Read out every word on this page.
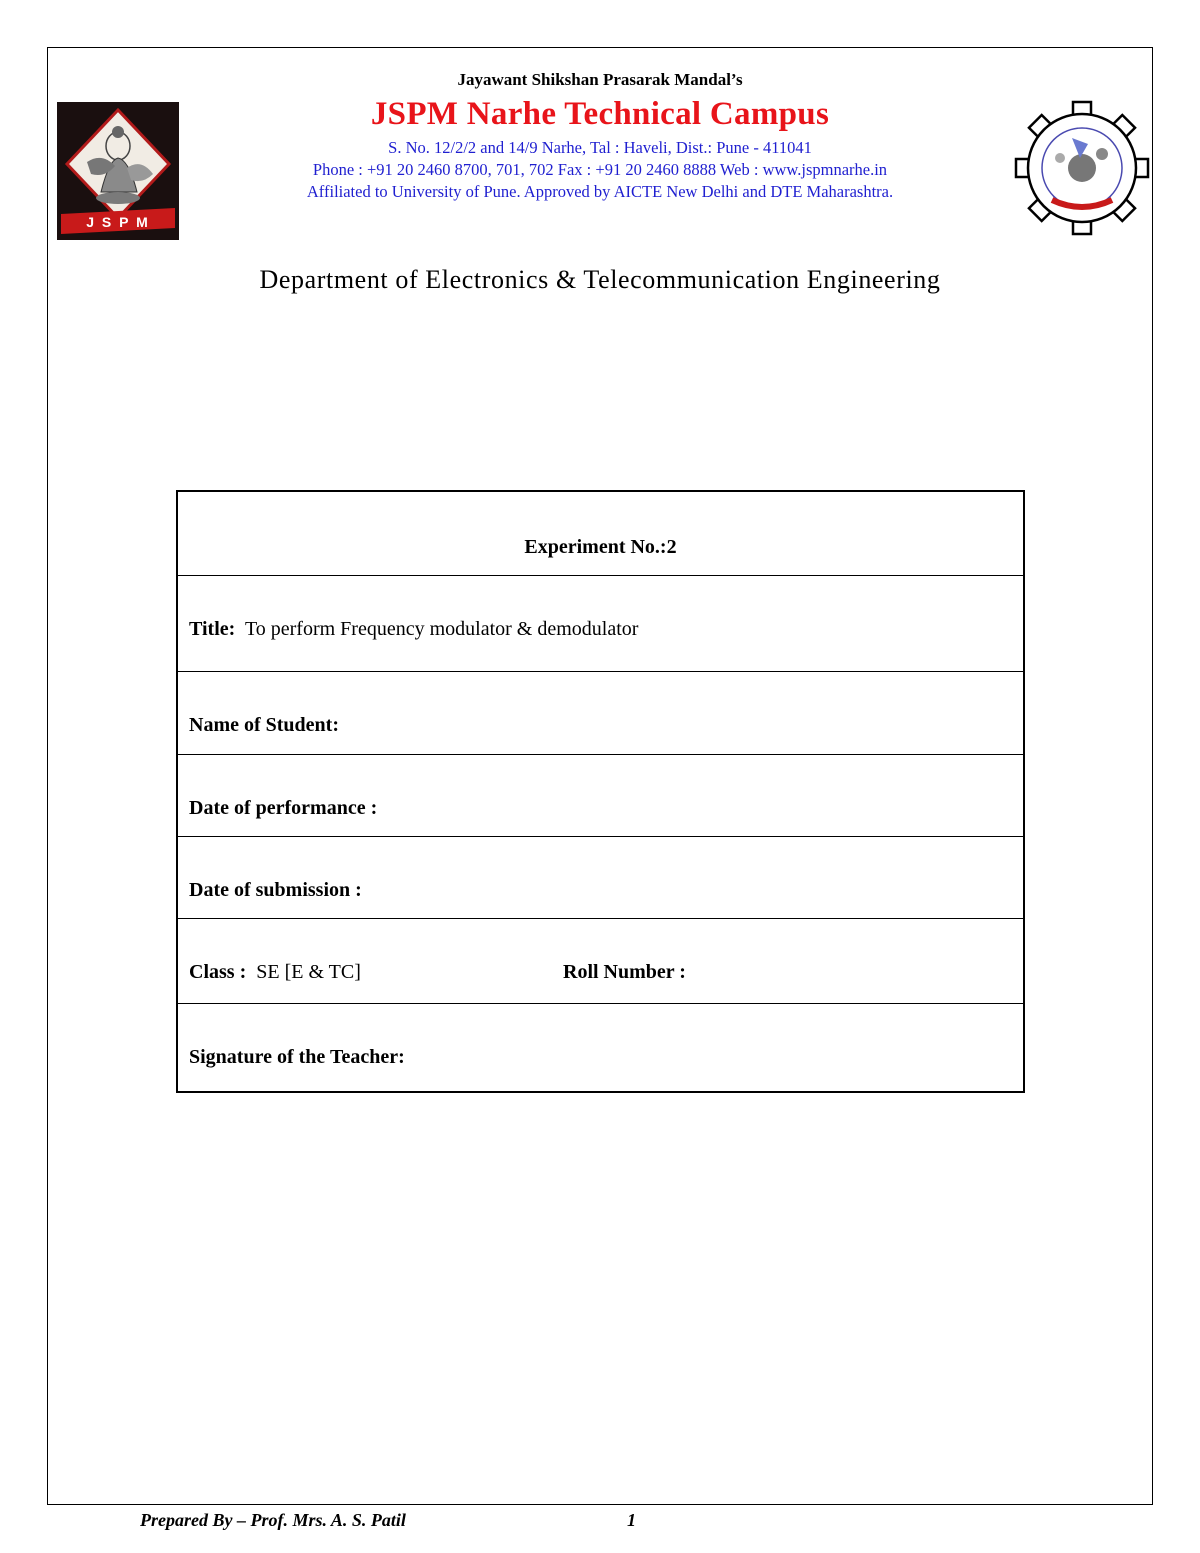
J S P M
Jayawant Shikshan Prasarak Mandal’s
JSPM Narhe Technical Campus
S. No. 12/2/2 and 14/9 Narhe, Tal : Haveli, Dist.: Pune - 411041
Phone : +91 20 2460 8700, 701, 702 Fax : +91 20 2460 8888 Web : www.jspmnarhe.in
Affiliated to University of Pune. Approved by AICTE New Delhi and DTE Maharashtra.
Department of Electronics & Telecommunication Engineering
Experiment No.:2
Title: To perform Frequency modulator & demodulator
Name of Student:
Date of performance :
Date of submission :
Class : SE [E & TC]	Roll Number :
Signature of the Teacher:
Prepared By – Prof. Mrs. A. S. Patil	1
